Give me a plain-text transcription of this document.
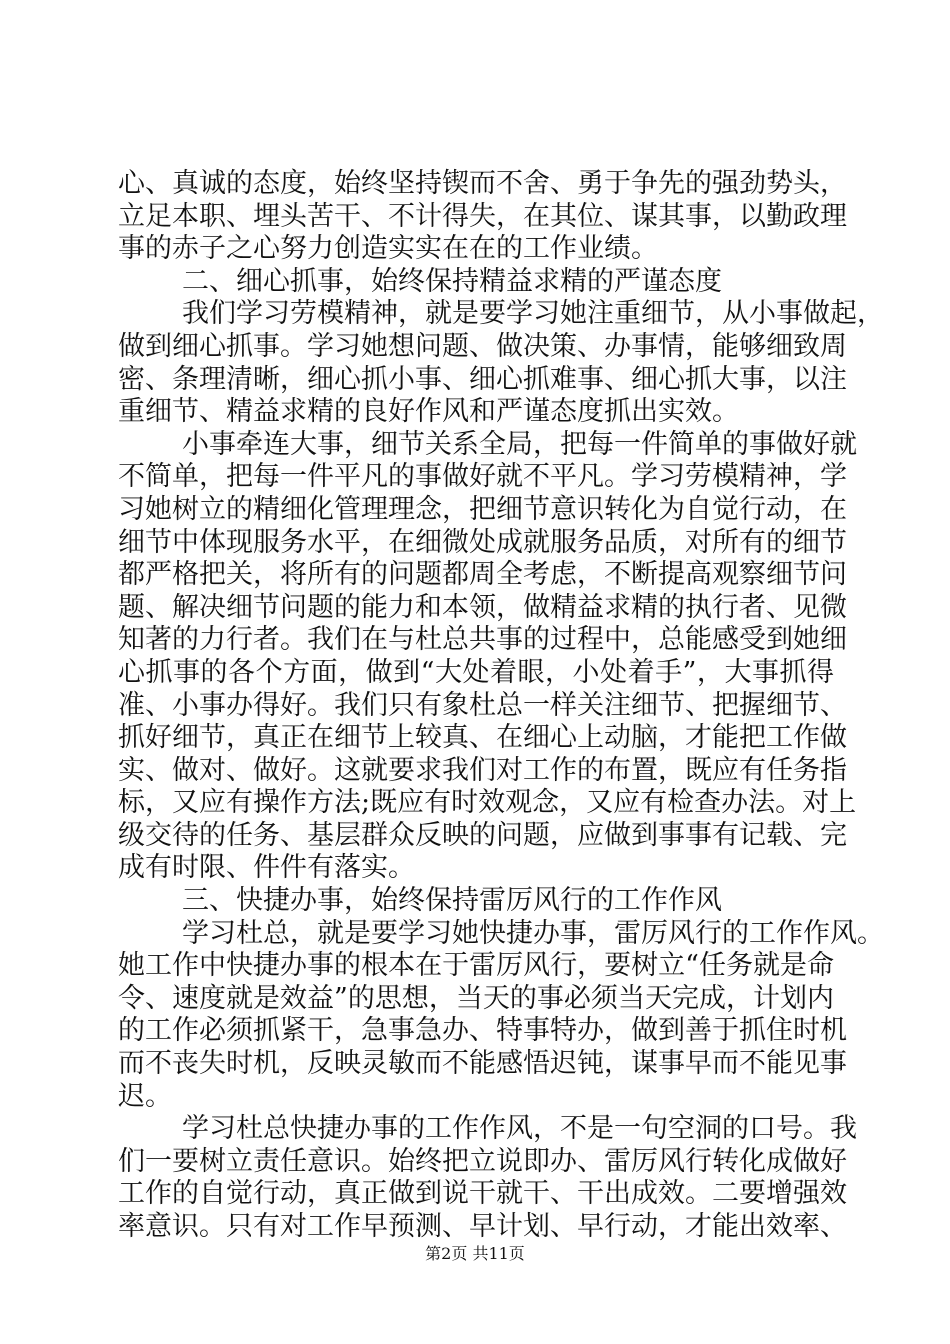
心、真诚的态度，始终坚持锲而不舍、勇于争先的强劲势头，
立足本职、埋头苦干、不计得失，在其位、谋其事，以勤政理
事的赤子之心努力创造实实在在的工作业绩。
二、细心抓事，始终保持精益求精的严谨态度
我们学习劳模精神，就是要学习她注重细节，从小事做起，
做到细心抓事。学习她想问题、做决策、办事情，能够细致周
密、条理清晰，细心抓小事、细心抓难事、细心抓大事，以注
重细节、精益求精的良好作风和严谨态度抓出实效。
小事牵连大事，细节关系全局，把每一件简单的事做好就
不简单，把每一件平凡的事做好就不平凡。学习劳模精神，学
习她树立的精细化管理理念，把细节意识转化为自觉行动，在
细节中体现服务水平，在细微处成就服务品质，对所有的细节
都严格把关，将所有的问题都周全考虑，不断提高观察细节问
题、解决细节问题的能力和本领，做精益求精的执行者、见微
知著的力行者。我们在与杜总共事的过程中，总能感受到她细
心抓事的各个方面，做到“大处着眼，小处着手”，大事抓得
准、小事办得好。我们只有象杜总一样关注细节、把握细节、
抓好细节，真正在细节上较真、在细心上动脑，才能把工作做
实、做对、做好。这就要求我们对工作的布置，既应有任务指
标，又应有操作方法;既应有时效观念，又应有检查办法。对上
级交待的任务、基层群众反映的问题，应做到事事有记载、完
成有时限、件件有落实。
三、快捷办事，始终保持雷厉风行的工作作风
学习杜总，就是要学习她快捷办事，雷厉风行的工作作风。
她工作中快捷办事的根本在于雷厉风行，要树立“任务就是命
令、速度就是效益”的思想，当天的事必须当天完成，计划内
的工作必须抓紧干，急事急办、特事特办，做到善于抓住时机
而不丧失时机，反映灵敏而不能感悟迟钝，谋事早而不能见事
迟。
学习杜总快捷办事的工作作风，不是一句空洞的口号。我
们一要树立责任意识。始终把立说即办、雷厉风行转化成做好
工作的自觉行动，真正做到说干就干、干出成效。二要增强效
率意识。只有对工作早预测、早计划、早行动，才能出效率、
第2页 共11页
